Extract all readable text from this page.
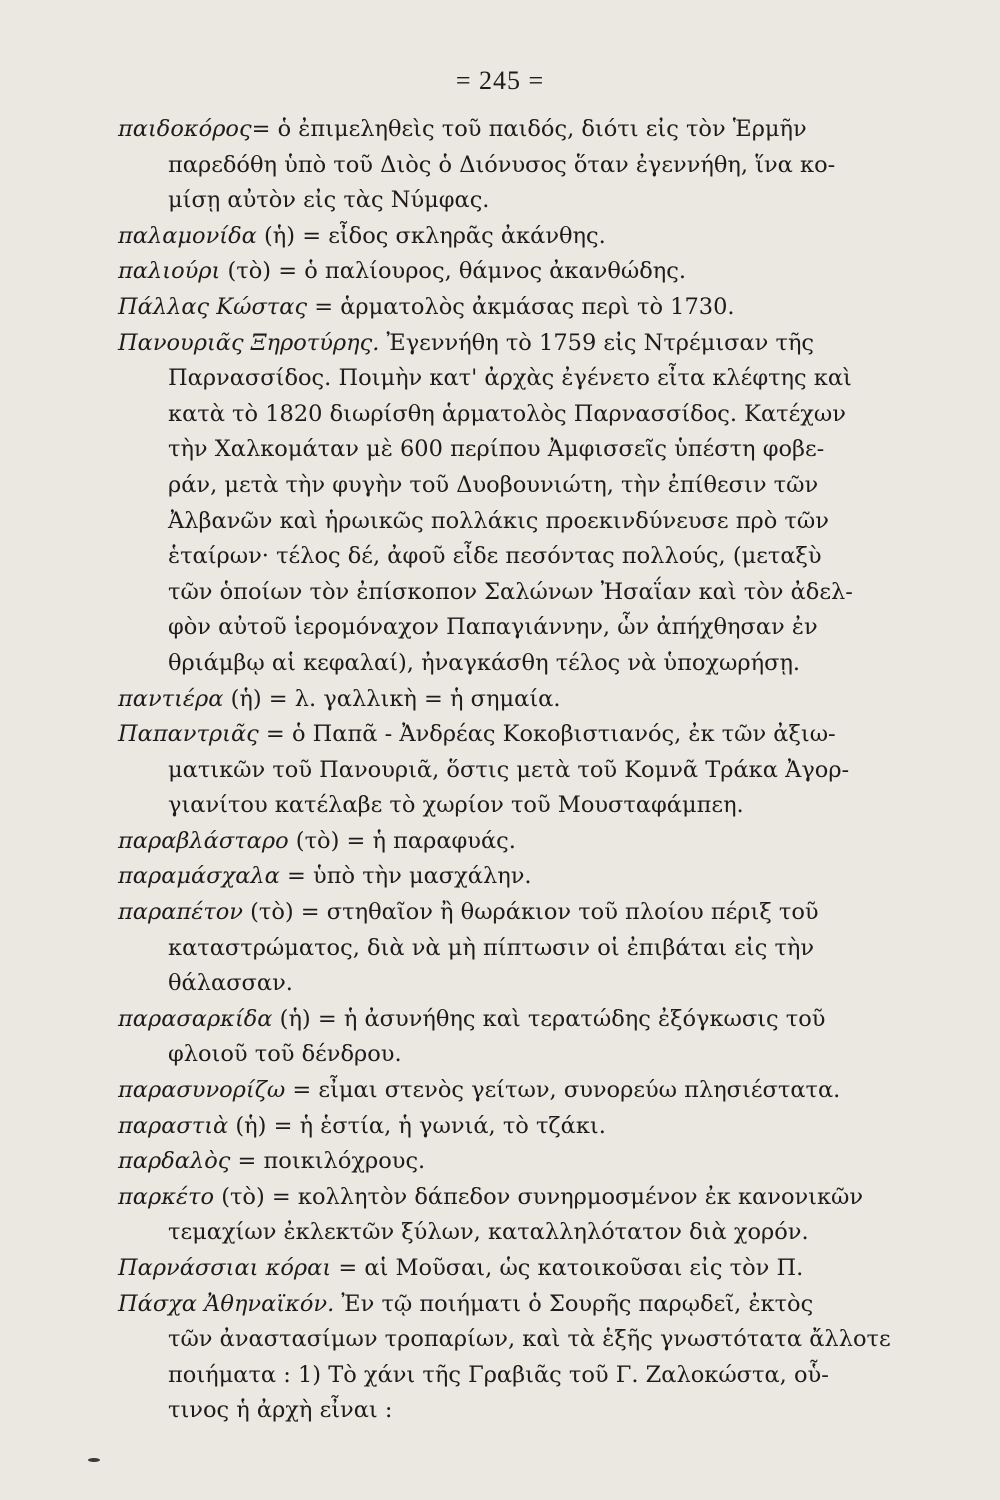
= 245 =
παιδοκόρος= ὁ ἐπιμεληθεὶς τοῦ παιδός, διότι εἰς τὸν Ἑρμῆν
παρεδόθη ὑπὸ τοῦ Διὸς ὁ Διόνυσος ὅταν ἐγεννήθη, ἵνα κο-
μίσῃ αὐτὸν εἰς τὰς Νύμφας.
παλαμονίδα (ἡ) = εἶδος σκληρᾶς ἀκάνθης.
παλιούρι (τὸ) = ὁ παλίουρος, θάμνος ἀκανθώδης.
Πάλλας Κώστας = ἁρματολὸς ἀκμάσας περὶ τὸ 1730.
Πανουριᾶς Ξηροτύρης. Ἐγεννήθη τὸ 1759 εἰς Ντρέμισαν τῆς
Παρνασσίδος. Ποιμὴν κατ' ἀρχὰς ἐγένετο εἶτα κλέφτης καὶ
κατὰ τὸ 1820 διωρίσθη ἁρματολὸς Παρνασσίδος. Κατέχων
τὴν Χαλκομάταν μὲ 600 περίπου Ἀμφισσεῖς ὑπέστη φοβε-
ράν, μετὰ τὴν φυγὴν τοῦ Δυοβουνιώτη, τὴν ἐπίθεσιν τῶν
Ἀλβανῶν καὶ ἡρωικῶς πολλάκις προεκινδύνευσε πρὸ τῶν
ἑταίρων· τέλος δέ, ἀφοῦ εἶδε πεσόντας πολλούς, (μεταξὺ
τῶν ὁποίων τὸν ἐπίσκοπον Σαλώνων Ἠσαΐαν καὶ τὸν ἀδελ-
φὸν αὐτοῦ ἱερομόναχον Παπαγιάννην, ὧν ἀπήχθησαν ἐν
θριάμβῳ αἱ κεφαλαί), ἠναγκάσθη τέλος νὰ ὑποχωρήσῃ.
παντιέρα (ἡ) = λ. γαλλικὴ = ἡ σημαία.
Παπαντριᾶς = ὁ Παπᾶ - Ἀνδρέας Κοκοβιστιανός, ἐκ τῶν ἀξιω-
ματικῶν τοῦ Πανουριᾶ, ὅστις μετὰ τοῦ Κομνᾶ Τράκα Ἀγορ-
γιανίτου κατέλαβε τὸ χωρίον τοῦ Μουσταφάμπεη.
παραβλάσταρο (τὸ) = ἡ παραφυάς.
παραμάσχαλα = ὑπὸ τὴν μασχάλην.
παραπέτον (τὸ) = στηθαῖον ἢ θωράκιον τοῦ πλοίου πέριξ τοῦ
καταστρώματος, διὰ νὰ μὴ πίπτωσιν οἱ ἐπιβάται εἰς τὴν
θάλασσαν.
παρασαρκίδα (ἡ) = ἡ ἀσυνήθης καὶ τερατώδης ἐξόγκωσις τοῦ
φλοιοῦ τοῦ δένδρου.
παρασυνορίζω = εἶμαι στενὸς γείτων, συνορεύω πλησιέστατα.
παραστιὰ (ἡ) = ἡ ἑστία, ἡ γωνιά, τὸ τζάκι.
παρδαλὸς = ποικιλόχρους.
παρκέτο (τὸ) = κολλητὸν δάπεδον συνηρμοσμένον ἐκ κανονικῶν
τεμαχίων ἐκλεκτῶν ξύλων, καταλληλότατον διὰ χορόν.
Παρνάσσιαι κόραι = αἱ Μοῦσαι, ὡς κατοικοῦσαι εἰς τὸν Π.
Πάσχα Ἀθηναϊκόν. Ἐν τῷ ποιήματι ὁ Σουρῆς παρῳδεῖ, ἐκτὸς
τῶν ἀναστασίμων τροπαρίων, καὶ τὰ ἑξῆς γνωστότατα ἄλλοτε
ποιήματα : 1) Τὸ χάνι τῆς Γραβιᾶς τοῦ Γ. Ζαλοκώστα, οὗ-
τινος ἡ ἀρχὴ εἶναι :
